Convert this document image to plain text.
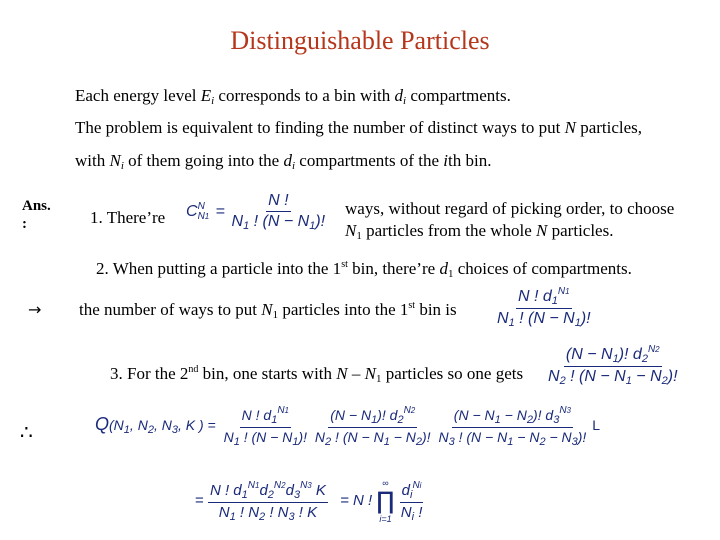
Distinguishable Particles
Each energy level $E_i$ corresponds to a bin with $d_i$ compartments.
The problem is equivalent to finding the number of distinct ways to put N particles,
with $N_i$ of them going into the $d_i$ compartments of the ith bin.
Ans.
:	1. There’re C N
$N1 = \frac{N !}{N1 ! (N - N1)!}$ ways, without regard of picking order, to choose
N1 particles from the whole N particles.
2. When putting a particle into the 1st bin, there’re d1 choices of compartments.
→ the number of ways to put N1 particles into the 1st bin is $\frac{N ! d1^{N1}}{N1 ! (N - N1)!}$
3. For the 2nd bin, one starts with N – N1 particles so one gets $\frac{(N - N1)! d2^{N2}}{N2 ! (N - N1 - N2)!}$
∴	$Q(N_1$, $N_2$, $N_3$, K ) = $\frac{N ! d_1^{N1}}{N_1 ! (N - N_1)!}$
$\frac{(N - N_1)! d_2^{N2}}{N_2 ! (N - N_1 - N_2)!}$
$\frac{(N - N_1 - N_2)! d_3^{N3}}{N_3 ! (N - N_1 - N_2 - N_3)!}$ L
= $\frac{N ! d_1^{N1}d_2^{N2}d_3^{N3} K}{N_1 ! N_2 ! N_3 ! K} = N$ !
∞
∏
i=1
$\frac{d_i^{Ni}}{N_i !}$
